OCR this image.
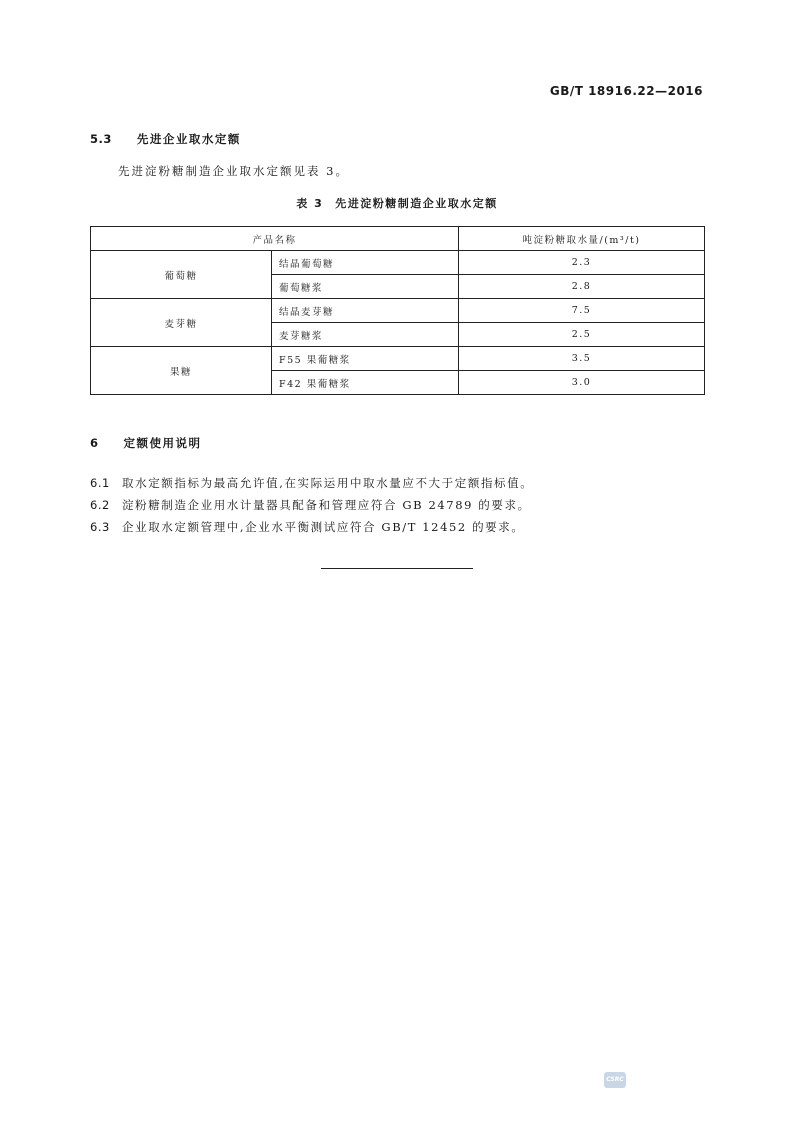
GB/T 18916.22—2016
5.3 先进企业取水定额
先进淀粉糖制造企业取水定额见表 3。
表 3 先进淀粉糖制造企业取水定额
产品名称		吨淀粉糖取水量/(m³/t)
葡萄糖	结晶葡萄糖	2.3
	葡萄糖浆	2.8
麦芽糖	结晶麦芽糖	7.5
	麦芽糖浆	2.5
果糖	F55 果葡糖浆	3.5
	F42 果葡糖浆	3.0
6 定额使用说明
6.1 取水定额指标为最高允许值,在实际运用中取水量应不大于定额指标值。
6.2 淀粉糖制造企业用水计量器具配备和管理应符合 GB 24789 的要求。
6.3 企业取水定额管理中,企业水平衡测试应符合 GB/T 12452 的要求。
CSRC
